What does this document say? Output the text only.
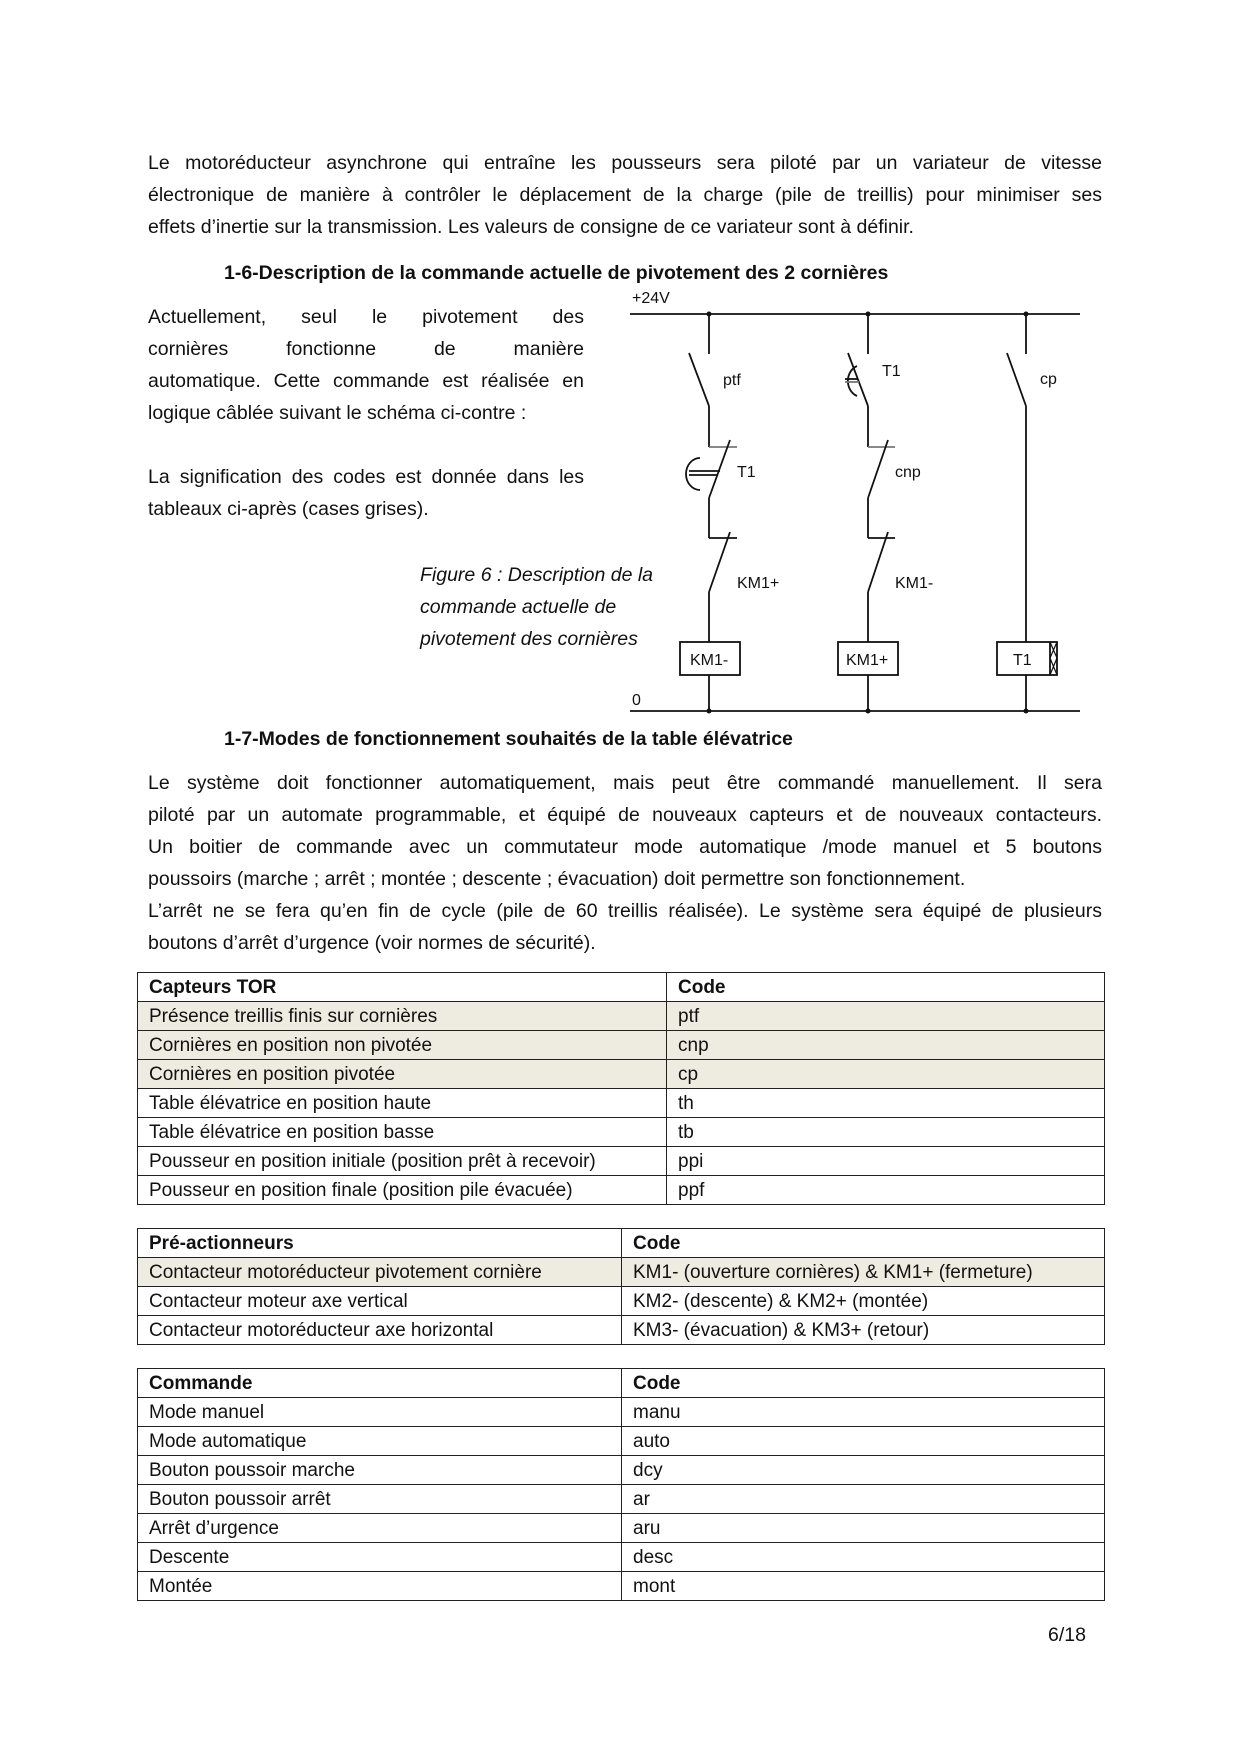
Le motoréducteur asynchrone qui entraîne les pousseurs sera piloté par un variateur de vitesse
électronique de manière à contrôler le déplacement de la charge (pile de treillis) pour minimiser ses
effets d’inertie sur la transmission. Les valeurs de consigne de ce variateur sont à définir.
1-6-Description de la commande actuelle de pivotement des 2 cornières
Actuellement, seul le pivotement des
cornières fonctionne de manière
automatique. Cette commande est réalisée en
logique câblée suivant le schéma ci-contre :
La signification des codes est donnée dans les
tableaux ci-après (cases grises).
Figure 6 : Description de la
commande actuelle de
pivotement des cornières
+24V
0
ptf
T1
KM1+
KM1-
T1
cnp
KM1-
KM1+
cp
T1
1-7-Modes de fonctionnement souhaités de la table élévatrice
Le système doit fonctionner automatiquement, mais peut être commandé manuellement. Il sera
piloté par un automate programmable, et équipé de nouveaux capteurs et de nouveaux contacteurs.
Un boitier de commande avec un commutateur mode automatique /mode manuel et 5 boutons
poussoirs (marche ; arrêt ; montée ; descente ; évacuation) doit permettre son fonctionnement.
L’arrêt ne se fera qu’en fin de cycle (pile de 60 treillis réalisée). Le système sera équipé de plusieurs
boutons d’arrêt d’urgence (voir normes de sécurité).
Capteurs TOR	Code
Présence treillis finis sur cornières	ptf
Cornières en position non pivotée	cnp
Cornières en position pivotée	cp
Table élévatrice en position haute	th
Table élévatrice en position basse	tb
Pousseur en position initiale (position prêt à recevoir)	ppi
Pousseur en position finale (position pile évacuée)	ppf
Pré-actionneurs	Code
Contacteur motoréducteur pivotement cornière	KM1- (ouverture cornières) & KM1+ (fermeture)
Contacteur moteur axe vertical	KM2- (descente) & KM2+ (montée)
Contacteur motoréducteur axe horizontal	KM3- (évacuation) & KM3+ (retour)
Commande	Code
Mode manuel	manu
Mode automatique	auto
Bouton poussoir marche	dcy
Bouton poussoir arrêt	ar
Arrêt d’urgence	aru
Descente	desc
Montée	mont
6/18
